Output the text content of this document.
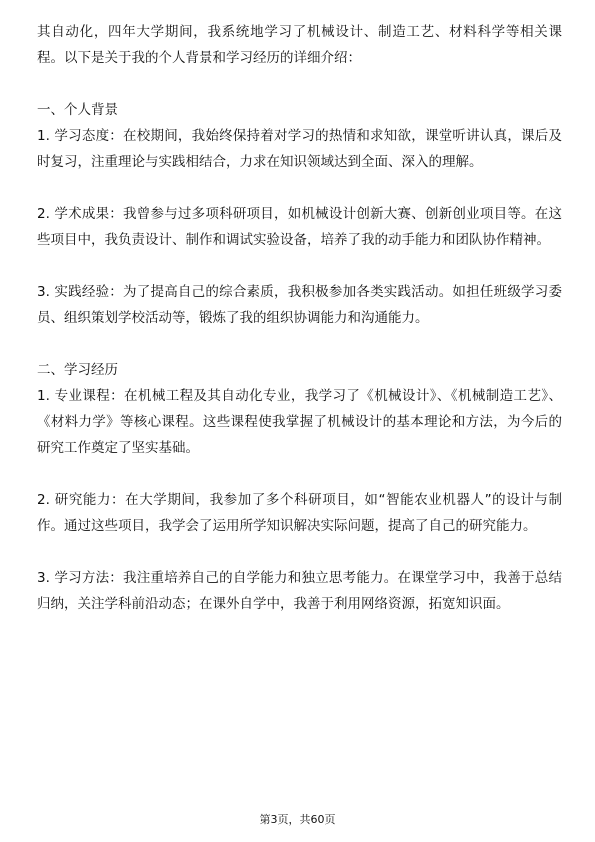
其自动化，四年大学期间，我系统地学习了机械设计、制造工艺、材料科学等相关课程。以下是关于我的个人背景和学习经历的详细介绍：

一、个人背景

1. 学习态度：在校期间，我始终保持着对学习的热情和求知欲，课堂听讲认真，课后及时复习，注重理论与实践相结合，力求在知识领域达到全面、深入的理解。

2. 学术成果：我曾参与过多项科研项目，如机械设计创新大赛、创新创业项目等。在这些项目中，我负责设计、制作和调试实验设备，培养了我的动手能力和团队协作精神。

3. 实践经验：为了提高自己的综合素质，我积极参加各类实践活动。如担任班级学习委员、组织策划学校活动等，锻炼了我的组织协调能力和沟通能力。

二、学习经历

1. 专业课程：在机械工程及其自动化专业，我学习了《机械设计》、《机械制造工艺》、《材料力学》等核心课程。这些课程使我掌握了机械设计的基本理论和方法，为今后的研究工作奠定了坚实基础。

2. 研究能力：在大学期间，我参加了多个科研项目，如“智能农业机器人”的设计与制作。通过这些项目，我学会了运用所学知识解决实际问题，提高了自己的研究能力。

3. 学习方法：我注重培养自己的自学能力和独立思考能力。在课堂学习中，我善于总结归纳，关注学科前沿动态；在课外自学中，我善于利用网络资源，拓宽知识面。

第3页，共60页
